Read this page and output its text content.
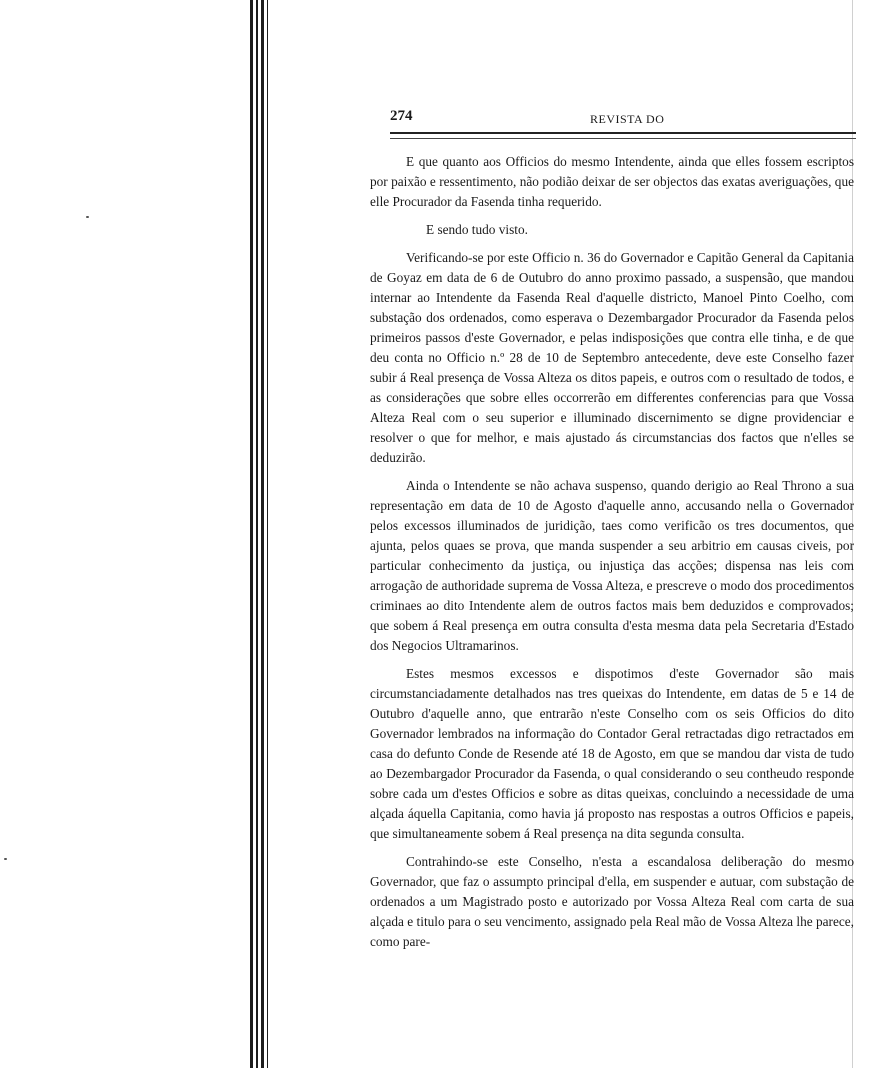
274	REVISTA DO

E que quanto aos Officios do mesmo Intendente, ainda que elles fossem escriptos por paixão e ressentimento, não podião deixar de ser objectos das exatas averiguações, que elle Procurador da Fasenda tinha requerido.

E sendo tudo visto.

Verificando-se por este Officio n. 36 do Governador e Capitão General da Capitania de Goyaz em data de 6 de Outubro do anno proximo passado, a suspensão, que mandou internar ao Intendente da Fasenda Real d'aquelle districto, Manoel Pinto Coelho, com substação dos ordenados, como esperava o Dezembargador Procurador da Fasenda pelos primeiros passos d'este Governador, e pelas indisposições que contra elle tinha, e de que deu conta no Officio n.º 28 de 10 de Septembro antecedente, deve este Conselho fazer subir á Real presença de Vossa Alteza os ditos papeis, e outros com o resultado de todos, e as considerações que sobre elles occorrerão em differentes conferencias para que Vossa Alteza Real com o seu superior e illuminado discernimento se digne providenciar e resolver o que for melhor, e mais ajustado ás circumstancias dos factos que n'elles se deduzirão.

Ainda o Intendente se não achava suspenso, quando derigio ao Real Throno a sua representação em data de 10 de Agosto d'aquelle anno, accusando nella o Governador pelos excessos illuminados de juridição, taes como verificão os tres documentos, que ajunta, pelos quaes se prova, que manda suspender a seu arbitrio em causas civeis, por particular conhecimento da justiça, ou injustiça das acções; dispensa nas leis com arrogação de authoridade suprema de Vossa Alteza, e prescreve o modo dos procedimentos criminaes ao dito Intendente alem de outros factos mais bem deduzidos e comprovados; que sobem á Real presença em outra consulta d'esta mesma data pela Secretaria d'Estado dos Negocios Ultramarinos.

Estes mesmos excessos e dispotimos d'este Governador são mais circumstanciadamente detalhados nas tres queixas do Intendente, em datas de 5 e 14 de Outubro d'aquelle anno, que entrarão n'este Conselho com os seis Officios do dito Governador lembrados na informação do Contador Geral retractadas digo retractados em casa do defunto Conde de Resende até 18 de Agosto, em que se mandou dar vista de tudo ao Dezembargador Procurador da Fasenda, o qual considerando o seu contheudo responde sobre cada um d'estes Officios e sobre as ditas queixas, concluindo a necessidade de uma alçada áquella Capitania, como havia já proposto nas respostas a outros Officios e papeis, que simultaneamente sobem á Real presença na dita segunda consulta.

Contrahindo-se este Conselho, n'esta a escandalosa deliberação do mesmo Governador, que faz o assumpto principal d'ella, em suspender e autuar, com substação de ordenados a um Magistrado posto e autorizado por Vossa Alteza Real com carta de sua alçada e titulo para o seu vencimento, assignado pela Real mão de Vossa Alteza lhe parece, como pare-
